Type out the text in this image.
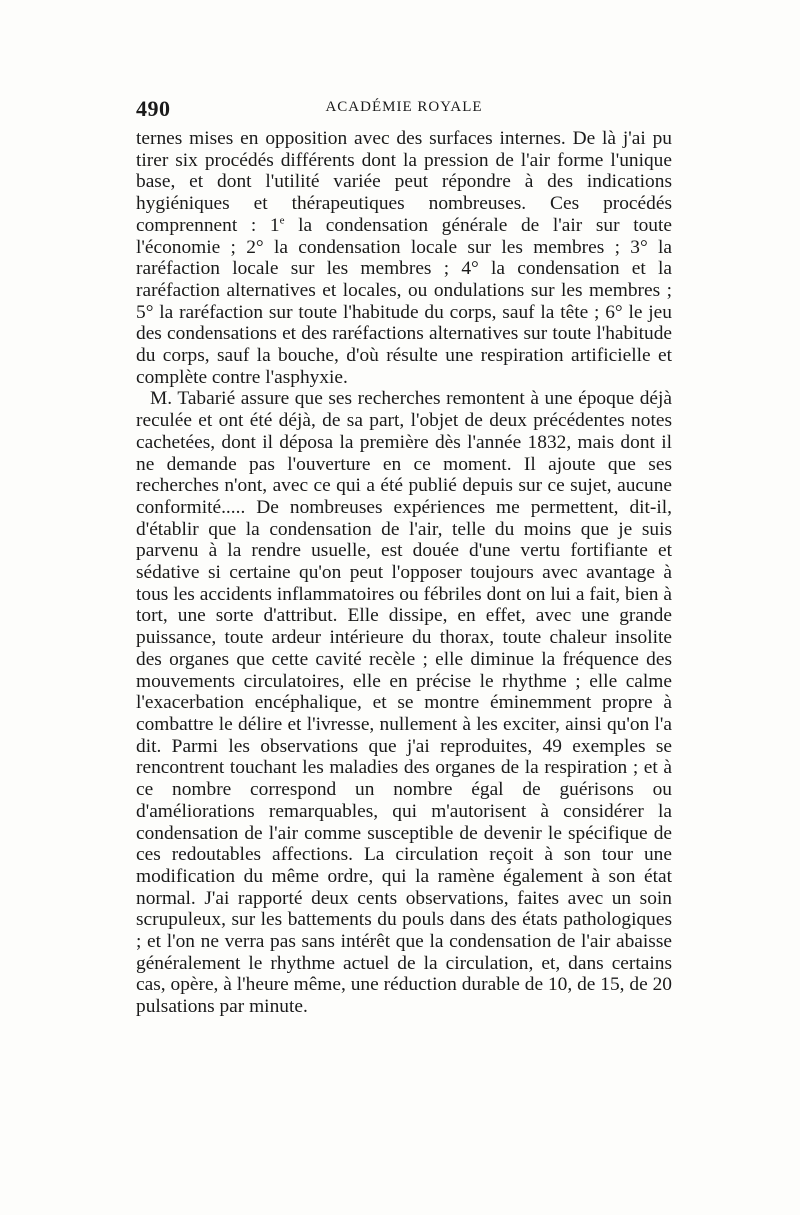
490	ACADÉMIE ROYALE

ternes mises en opposition avec des surfaces internes. De là j'ai pu tirer six procédés différents dont la pression de l'air forme l'unique base, et dont l'utilité variée peut répondre à des indications hygiéniques et thérapeutiques nombreuses. Ces procédés comprennent : 1e la condensation générale de l'air sur toute l'économie ; 2° la condensation locale sur les membres ; 3° la raréfaction locale sur les membres ; 4° la condensation et la raréfaction alternatives et locales, ou ondulations sur les membres ; 5° la raréfaction sur toute l'habitude du corps, sauf la tête ; 6° le jeu des condensations et des raréfactions alternatives sur toute l'habitude du corps, sauf la bouche, d'où résulte une respiration artificielle et complète contre l'asphyxie.

M. Tabarié assure que ses recherches remontent à une époque déjà reculée et ont été déjà, de sa part, l'objet de deux précédentes notes cachetées, dont il déposa la première dès l'année 1832, mais dont il ne demande pas l'ouverture en ce moment. Il ajoute que ses recherches n'ont, avec ce qui a été publié depuis sur ce sujet, aucune conformité..... De nombreuses expériences me permettent, dit-il, d'établir que la condensation de l'air, telle du moins que je suis parvenu à la rendre usuelle, est douée d'une vertu fortifiante et sédative si certaine qu'on peut l'opposer toujours avec avantage à tous les accidents inflammatoires ou fébriles dont on lui a fait, bien à tort, une sorte d'attribut. Elle dissipe, en effet, avec une grande puissance, toute ardeur intérieure du thorax, toute chaleur insolite des organes que cette cavité recèle ; elle diminue la fréquence des mouvements circulatoires, elle en précise le rhythme ; elle calme l'exacerbation encéphalique, et se montre éminemment propre à combattre le délire et l'ivresse, nullement à les exciter, ainsi qu'on l'a dit. Parmi les observations que j'ai reproduites, 49 exemples se rencontrent touchant les maladies des organes de la respiration ; et à ce nombre correspond un nombre égal de guérisons ou d'améliorations remarquables, qui m'autorisent à considérer la condensation de l'air comme susceptible de devenir le spécifique de ces redoutables affections. La circulation reçoit à son tour une modification du même ordre, qui la ramène également à son état normal. J'ai rapporté deux cents observations, faites avec un soin scrupuleux, sur les battements du pouls dans des états pathologiques ; et l'on ne verra pas sans intérêt que la condensation de l'air abaisse généralement le rhythme actuel de la circulation, et, dans certains cas, opère, à l'heure même, une réduction durable de 10, de 15, de 20 pulsations par minute.
